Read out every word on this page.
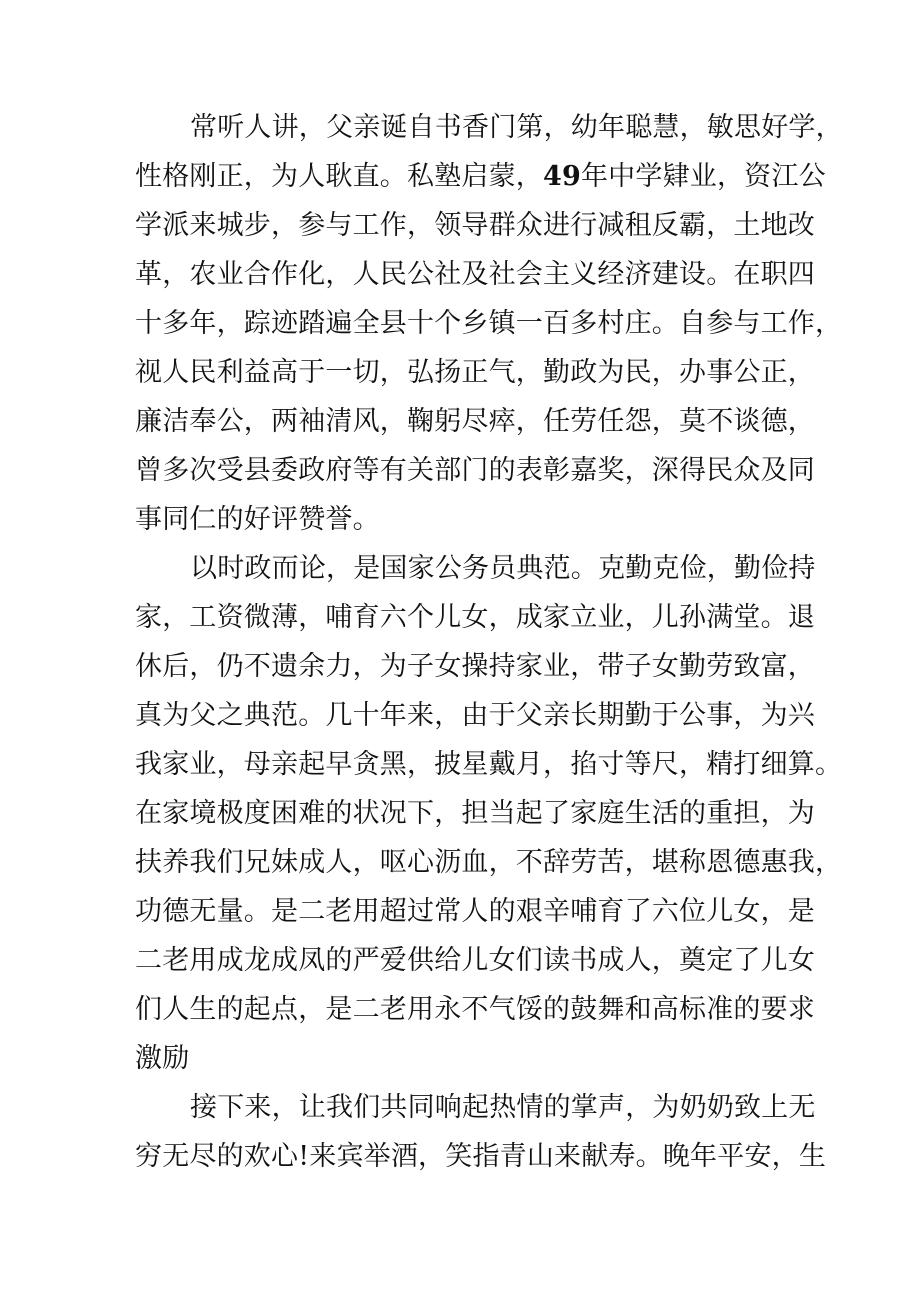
常听人讲，父亲诞自书香门第，幼年聪慧，敏思好学，
性格刚正，为人耿直。私塾启蒙，49年中学肄业，资江公
学派来城步，参与工作，领导群众进行减租反霸，土地改
革，农业合作化，人民公社及社会主义经济建设。在职四
十多年，踪迹踏遍全县十个乡镇一百多村庄。自参与工作，
视人民利益高于一切，弘扬正气，勤政为民，办事公正，
廉洁奉公，两袖清风，鞠躬尽瘁，任劳任怨，莫不谈德，
曾多次受县委政府等有关部门的表彰嘉奖，深得民众及同
事同仁的好评赞誉。
以时政而论，是国家公务员典范。克勤克俭，勤俭持
家，工资微薄，哺育六个儿女，成家立业，儿孙满堂。退
休后，仍不遗余力，为子女操持家业，带子女勤劳致富，
真为父之典范。几十年来，由于父亲长期勤于公事，为兴
我家业，母亲起早贪黑，披星戴月，掐寸等尺，精打细算。
在家境极度困难的状况下，担当起了家庭生活的重担，为
扶养我们兄妹成人，呕心沥血，不辞劳苦，堪称恩德惠我，
功德无量。是二老用超过常人的艰辛哺育了六位儿女，是
二老用成龙成凤的严爱供给儿女们读书成人，奠定了儿女
们人生的起点，是二老用永不气馁的鼓舞和高标准的要求
激励
接下来，让我们共同响起热情的掌声，为奶奶致上无
穷无尽的欢心!来宾举酒，笑指青山来献寿。晚年平安，生
